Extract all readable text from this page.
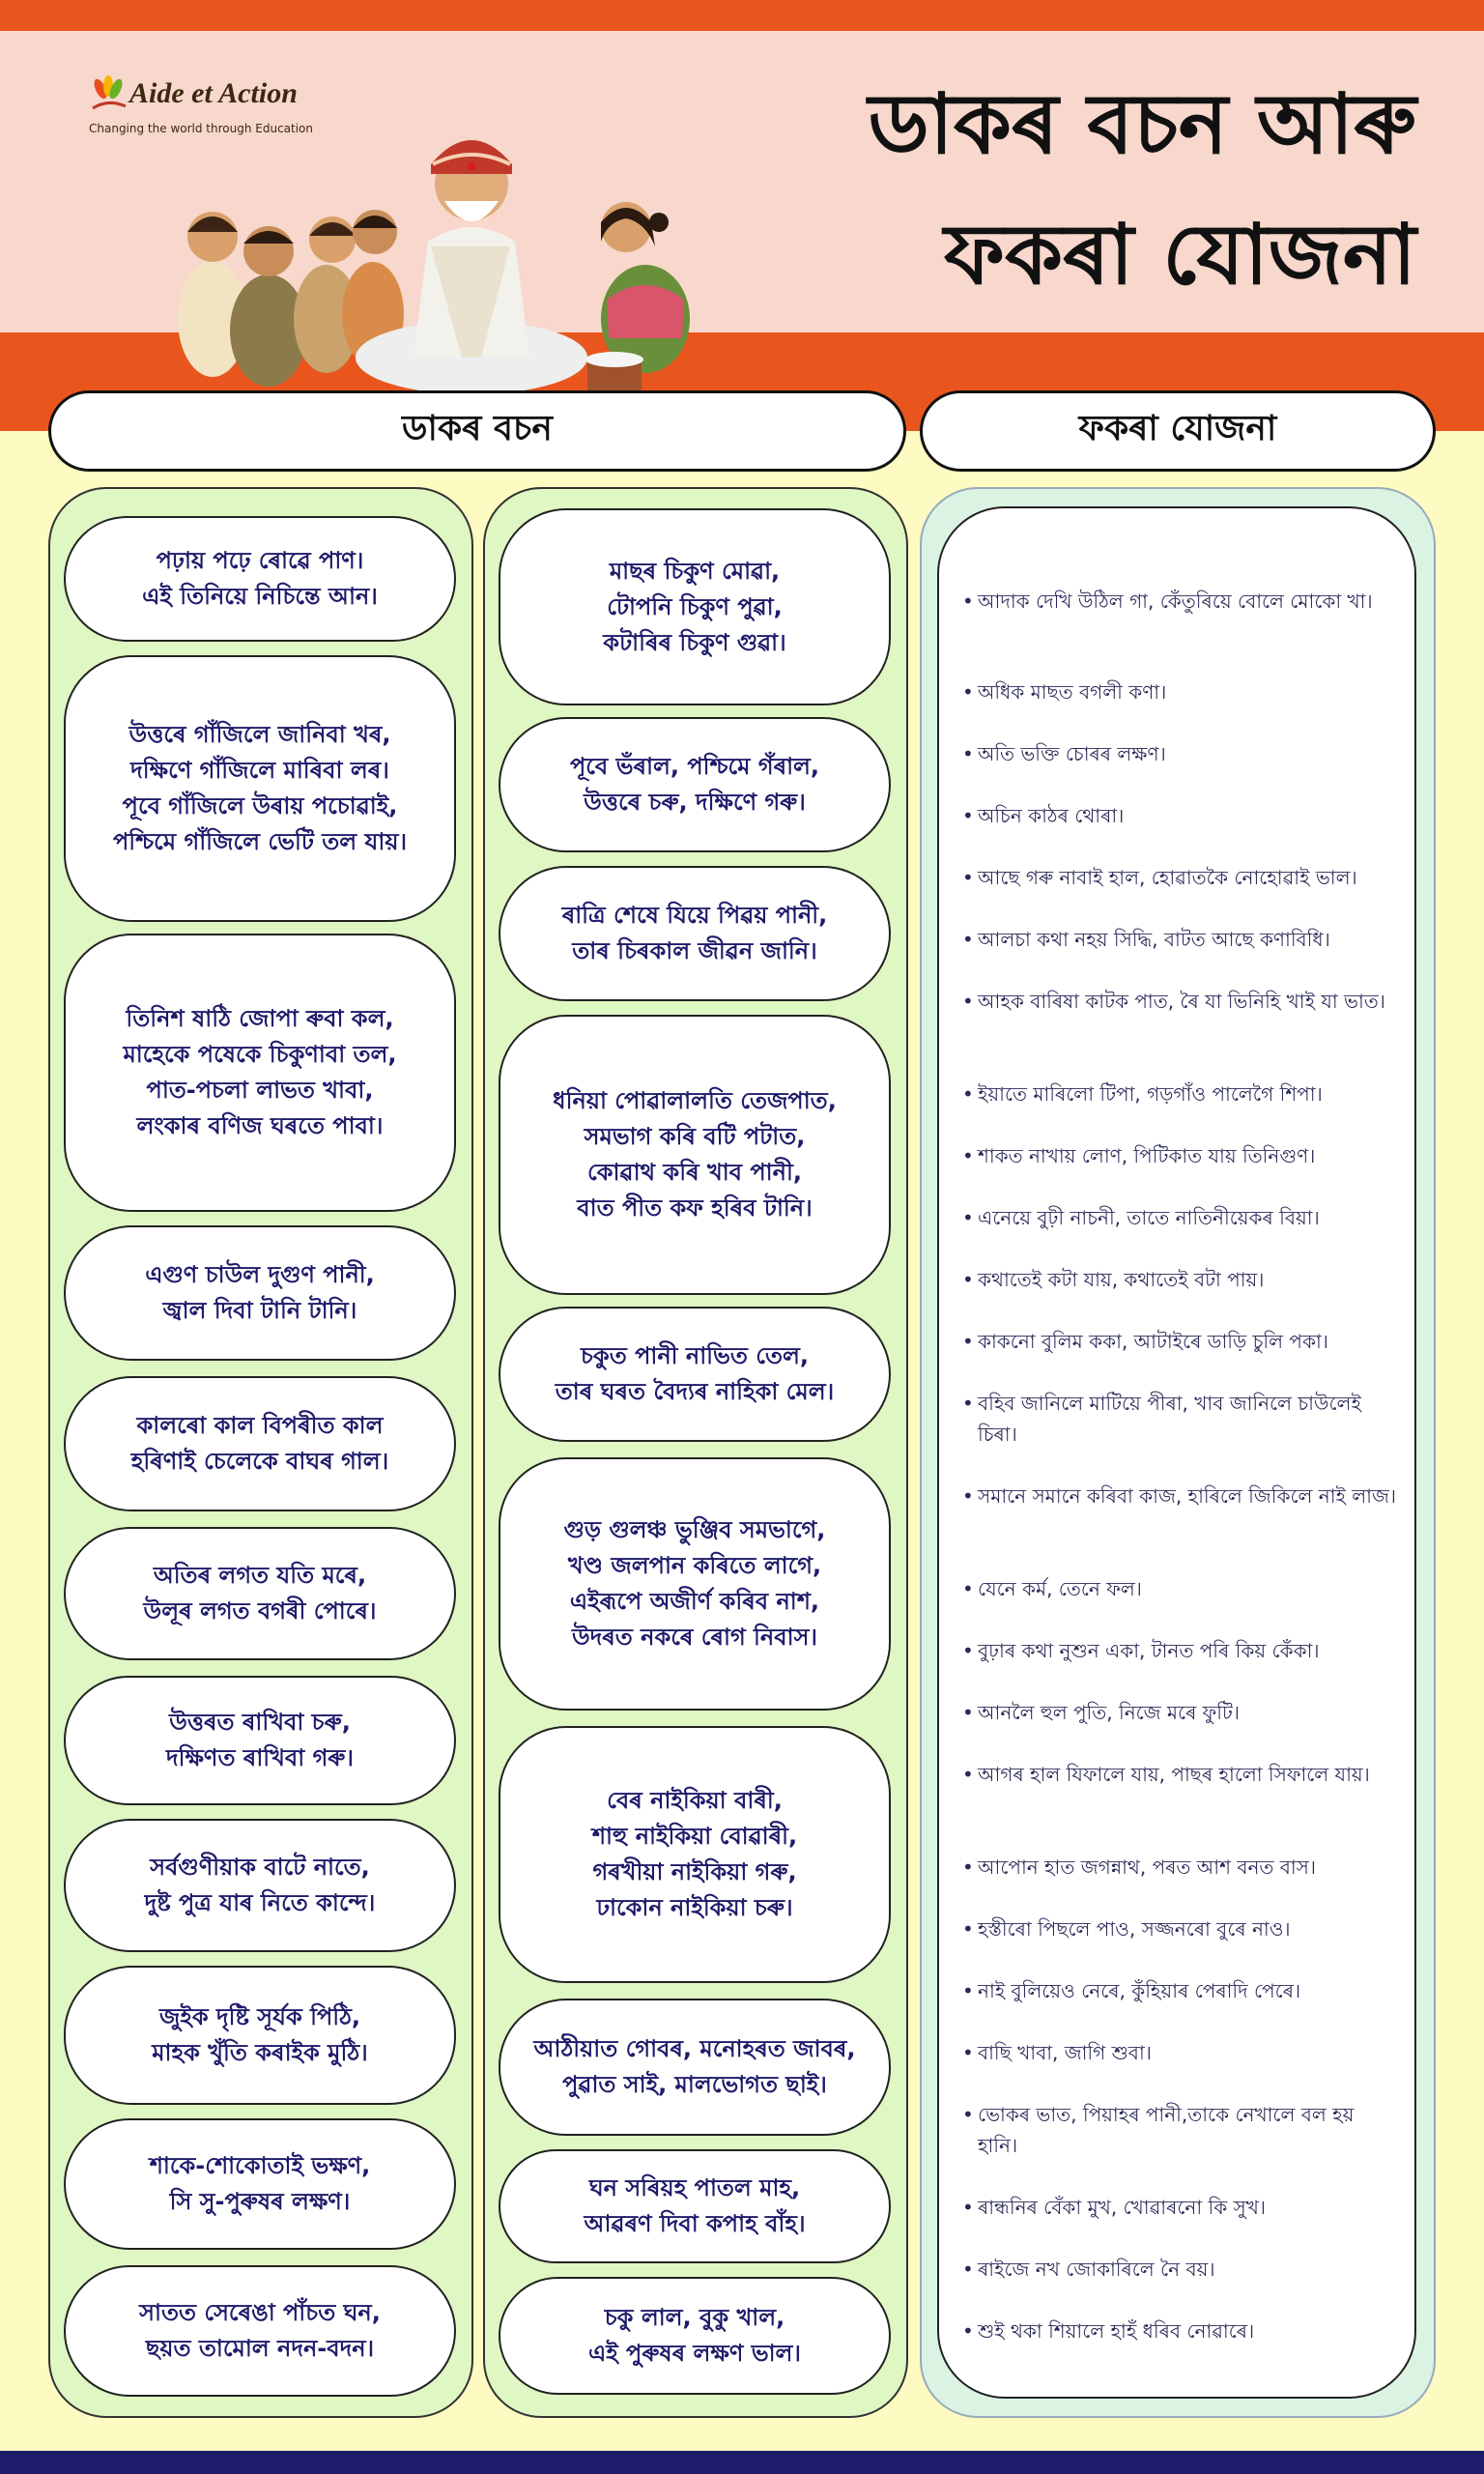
Aide et Action
Changing the world through Education	ডাকৰ বচন আৰু
ফকৰা যোজনা
ডাকৰ বচন	ফকৰা যোজনা

পঢ়ায় পঢ়ে ৰোৱে পাণ।
এই তিনিয়ে নিচিন্তে আন।

উত্তৰে গাঁজিলে জানিবা খৰ,
দক্ষিণে গাঁজিলে মাৰিবা লৰ।
পূবে গাঁজিলে উৰায় পচোৱাই,
পশ্চিমে গাঁজিলে ভেটি তল যায়।

তিনিশ ষাঠি জোপা ৰুবা কল,
মাহেকে পষেকে চিকুণাবা তল,
পাত-পচলা লাভত খাবা,
লংকাৰ বণিজ ঘৰতে পাবা।

এগুণ চাউল দুগুণ পানী,
জ্বাল দিবা টানি টানি।

কালৰো কাল বিপৰীত কাল
হৰিণাই চেলেকে বাঘৰ গাল।

অতিৰ লগত যতি মৰে,
উলূৰ লগত বগৰী পোৰে।

উত্তৰত ৰাখিবা চৰু,
দক্ষিণত ৰাখিবা গৰু।

সৰ্বগুণীয়াক বাটে নাতে,
দুষ্ট পুত্ৰ যাৰ নিতে কান্দে।

জুইক দৃষ্টি সূৰ্যক পিঠি,
মাহক খুঁতি কৰাইক মুঠি।

শাকে-শোকোতাই ভক্ষণ,
সি সু-পুৰুষৰ লক্ষণ।

সাতত সেৰেঙা পাঁচত ঘন,
ছয়ত তামোল নদন-বদন।

মাছৰ চিকুণ মোৱা,
টোপনি চিকুণ পুৱা,
কটাৰিৰ চিকুণ গুৱা।

পূবে ভঁৰাল, পশ্চিমে গঁৰাল,
উত্তৰে চৰু, দক্ষিণে গৰু।

ৰাত্ৰি শেষে যিয়ে পিৱয় পানী,
তাৰ চিৰকাল জীৱন জানি।

ধনিয়া পোৱালালতি তেজপাত,
সমভাগ কৰি বটি পটাত,
কোৱাথ কৰি খাব পানী,
বাত পীত কফ হৰিব টানি।

চকুত পানী নাভিত তেল,
তাৰ ঘৰত বৈদ্যৰ নাহিকা মেল।

গুড় গুলঞ্চ ভুঞ্জিব সমভাগে,
খণ্ড জলপান কৰিতে লাগে,
এইৰূপে অজীৰ্ণ কৰিব নাশ,
উদৰত নকৰে ৰোগ নিবাস।

বেৰ নাইকিয়া বাৰী,
শাহু নাইকিয়া বোৱাৰী,
গৰখীয়া নাইকিয়া গৰু,
ঢাকোন নাইকিয়া চৰু।

আঠীয়াত গোবৰ, মনোহৰত জাবৰ,
পুৱাত সাই, মালভোগত ছাই।

ঘন সৰিয়হ পাতল মাহ,
আৱৰণ দিবা কপাহ বাঁহ।

চকু লাল, বুকু খাল,
এই পুৰুষৰ লক্ষণ ভাল।

• আদাক দেখি উঠিল গা, কেঁতুৰিয়ে বোলে মোকো খা।
• অধিক মাছত বগলী কণা।
• অতি ভক্তি চোৰৰ লক্ষণ।
• অচিন কাঠৰ থোৰা।
• আছে গৰু নাবাই হাল, হোৱাতকৈ নোহোৱাই ভাল।
• আলচা কথা নহয় সিদ্ধি, বাটত আছে কণাবিধি।
• আহক বাৰিষা কাটক পাত, ৰৈ যা ভিনিহি খাই যা ভাত।
• ইয়াতে মাৰিলো টিপা, গড়গাঁও পালেগৈ শিপা।
• শাকত নাখায় লোণ, পিটিকাত যায় তিনিগুণ।
• এনেয়ে বুঢ়ী নাচনী, তাতে নাতিনীয়েকৰ বিয়া।
• কথাতেই কটা যায়, কথাতেই বটা পায়।
• কাকনো বুলিম ককা, আটাইৰে ডাড়ি চুলি পকা।
• বহিব জানিলে মাটিয়ে পীৰা, খাব জানিলে চাউলেই চিৰা।
• সমানে সমানে কৰিবা কাজ, হাৰিলে জিকিলে নাই লাজ।
• যেনে কৰ্ম, তেনে ফল।
• বুঢ়াৰ কথা নুশুন একা, টানত পৰি কিয় কেঁকা।
• আনলৈ হুল পুতি, নিজে মৰে ফুটি।
• আগৰ হাল যিফালে যায়, পাছৰ হালো সিফালে যায়।
• আপোন হাত জগন্নাথ, পৰত আশ বনত বাস।
• হস্তীৰো পিছলে পাও, সজ্জনৰো বুৰে নাও।
• নাই বুলিয়েও নেৰে, কুঁহিয়াৰ পেৰাদি পেৰে।
• বাছি খাবা, জাগি শুবা।
• ভোকৰ ভাত, পিয়াহৰ পানী,তাকে নেখালে বল হয় হানি।
• ৰান্ধনিৰ বেঁকা মুখ, খোৱাৰনো কি সুখ।
• ৰাইজে নখ জোকাৰিলে নৈ বয়।
• শুই থকা শিয়ালে হাহঁ ধৰিব নোৱাৰে।
